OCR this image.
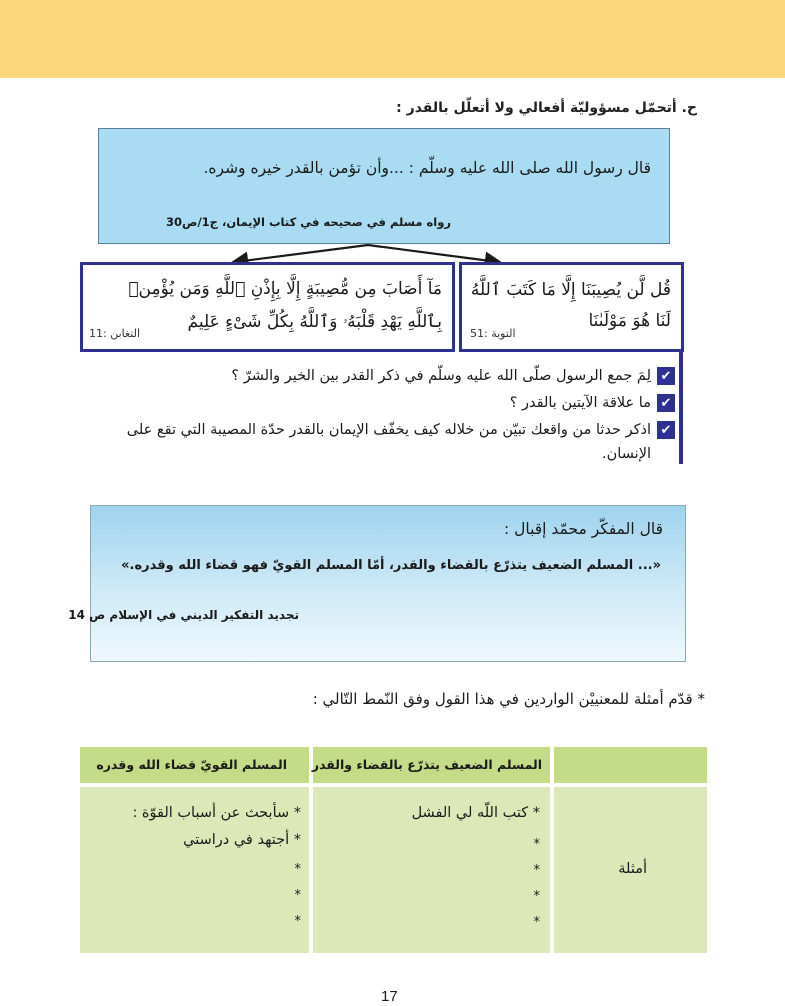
ح. أتحمّل مسؤوليّة أفعالي ولا أتعلّل بالقدر :
قال رسول الله صلى الله عليه وسلّم : ...وأن تؤمن بالقدر خيره وشره.
رواه مسلم في صحيحه في كتاب الإيمان، ج1/ص30
قُل لَّن يُصِيبَنَا إِلَّا مَا كَتَبَ ٱللَّهُ
لَنَا هُوَ مَوْلَىٰنَا
التوبة :51
مَآ أَصَابَ مِن مُّصِيبَةٍ إِلَّا بِإِذْنِ ٱللَّهِ وَمَن يُؤْمِنۢ
بِٱللَّهِ يَهْدِ قَلْبَهُۥ وَٱللَّهُ بِكُلِّ شَىْءٍ عَلِيمٌ
التغابن :11
✔
لِمَ جمع الرسول صلّى الله عليه وسلّم في ذكر القدر بين الخير والشرّ ؟
✔
ما علاقة الآيتين بالقدر ؟
✔
اذكر حدثا من واقعك تبيّن من خلاله كيف يخفّف الإيمان بالقدر حدّة المصيبة التي تقع على
الإنسان.
قال المفكّر محمّد إقبال :
«... المسلم الضعيف يتذرّع بالقضاء والقدر، أمّا المسلم القويّ فهو قضاء الله وقدره.»
تجديد التفكير الديني في الإسلام ص 14
* قدّم أمثلة للمعنييْن الواردين في هذا القول وفق النّمط التّالي :
المسلم القويّ قضاء الله وقدره المسلم الضعيف يتذرّع بالقضاء والقدر
* سأبحث عن أسباب القوّة :
* أجتهد في دراستي
*
*
*
* كتب اللّه لي الفشل
*
*
*
*
أمثلة
17
